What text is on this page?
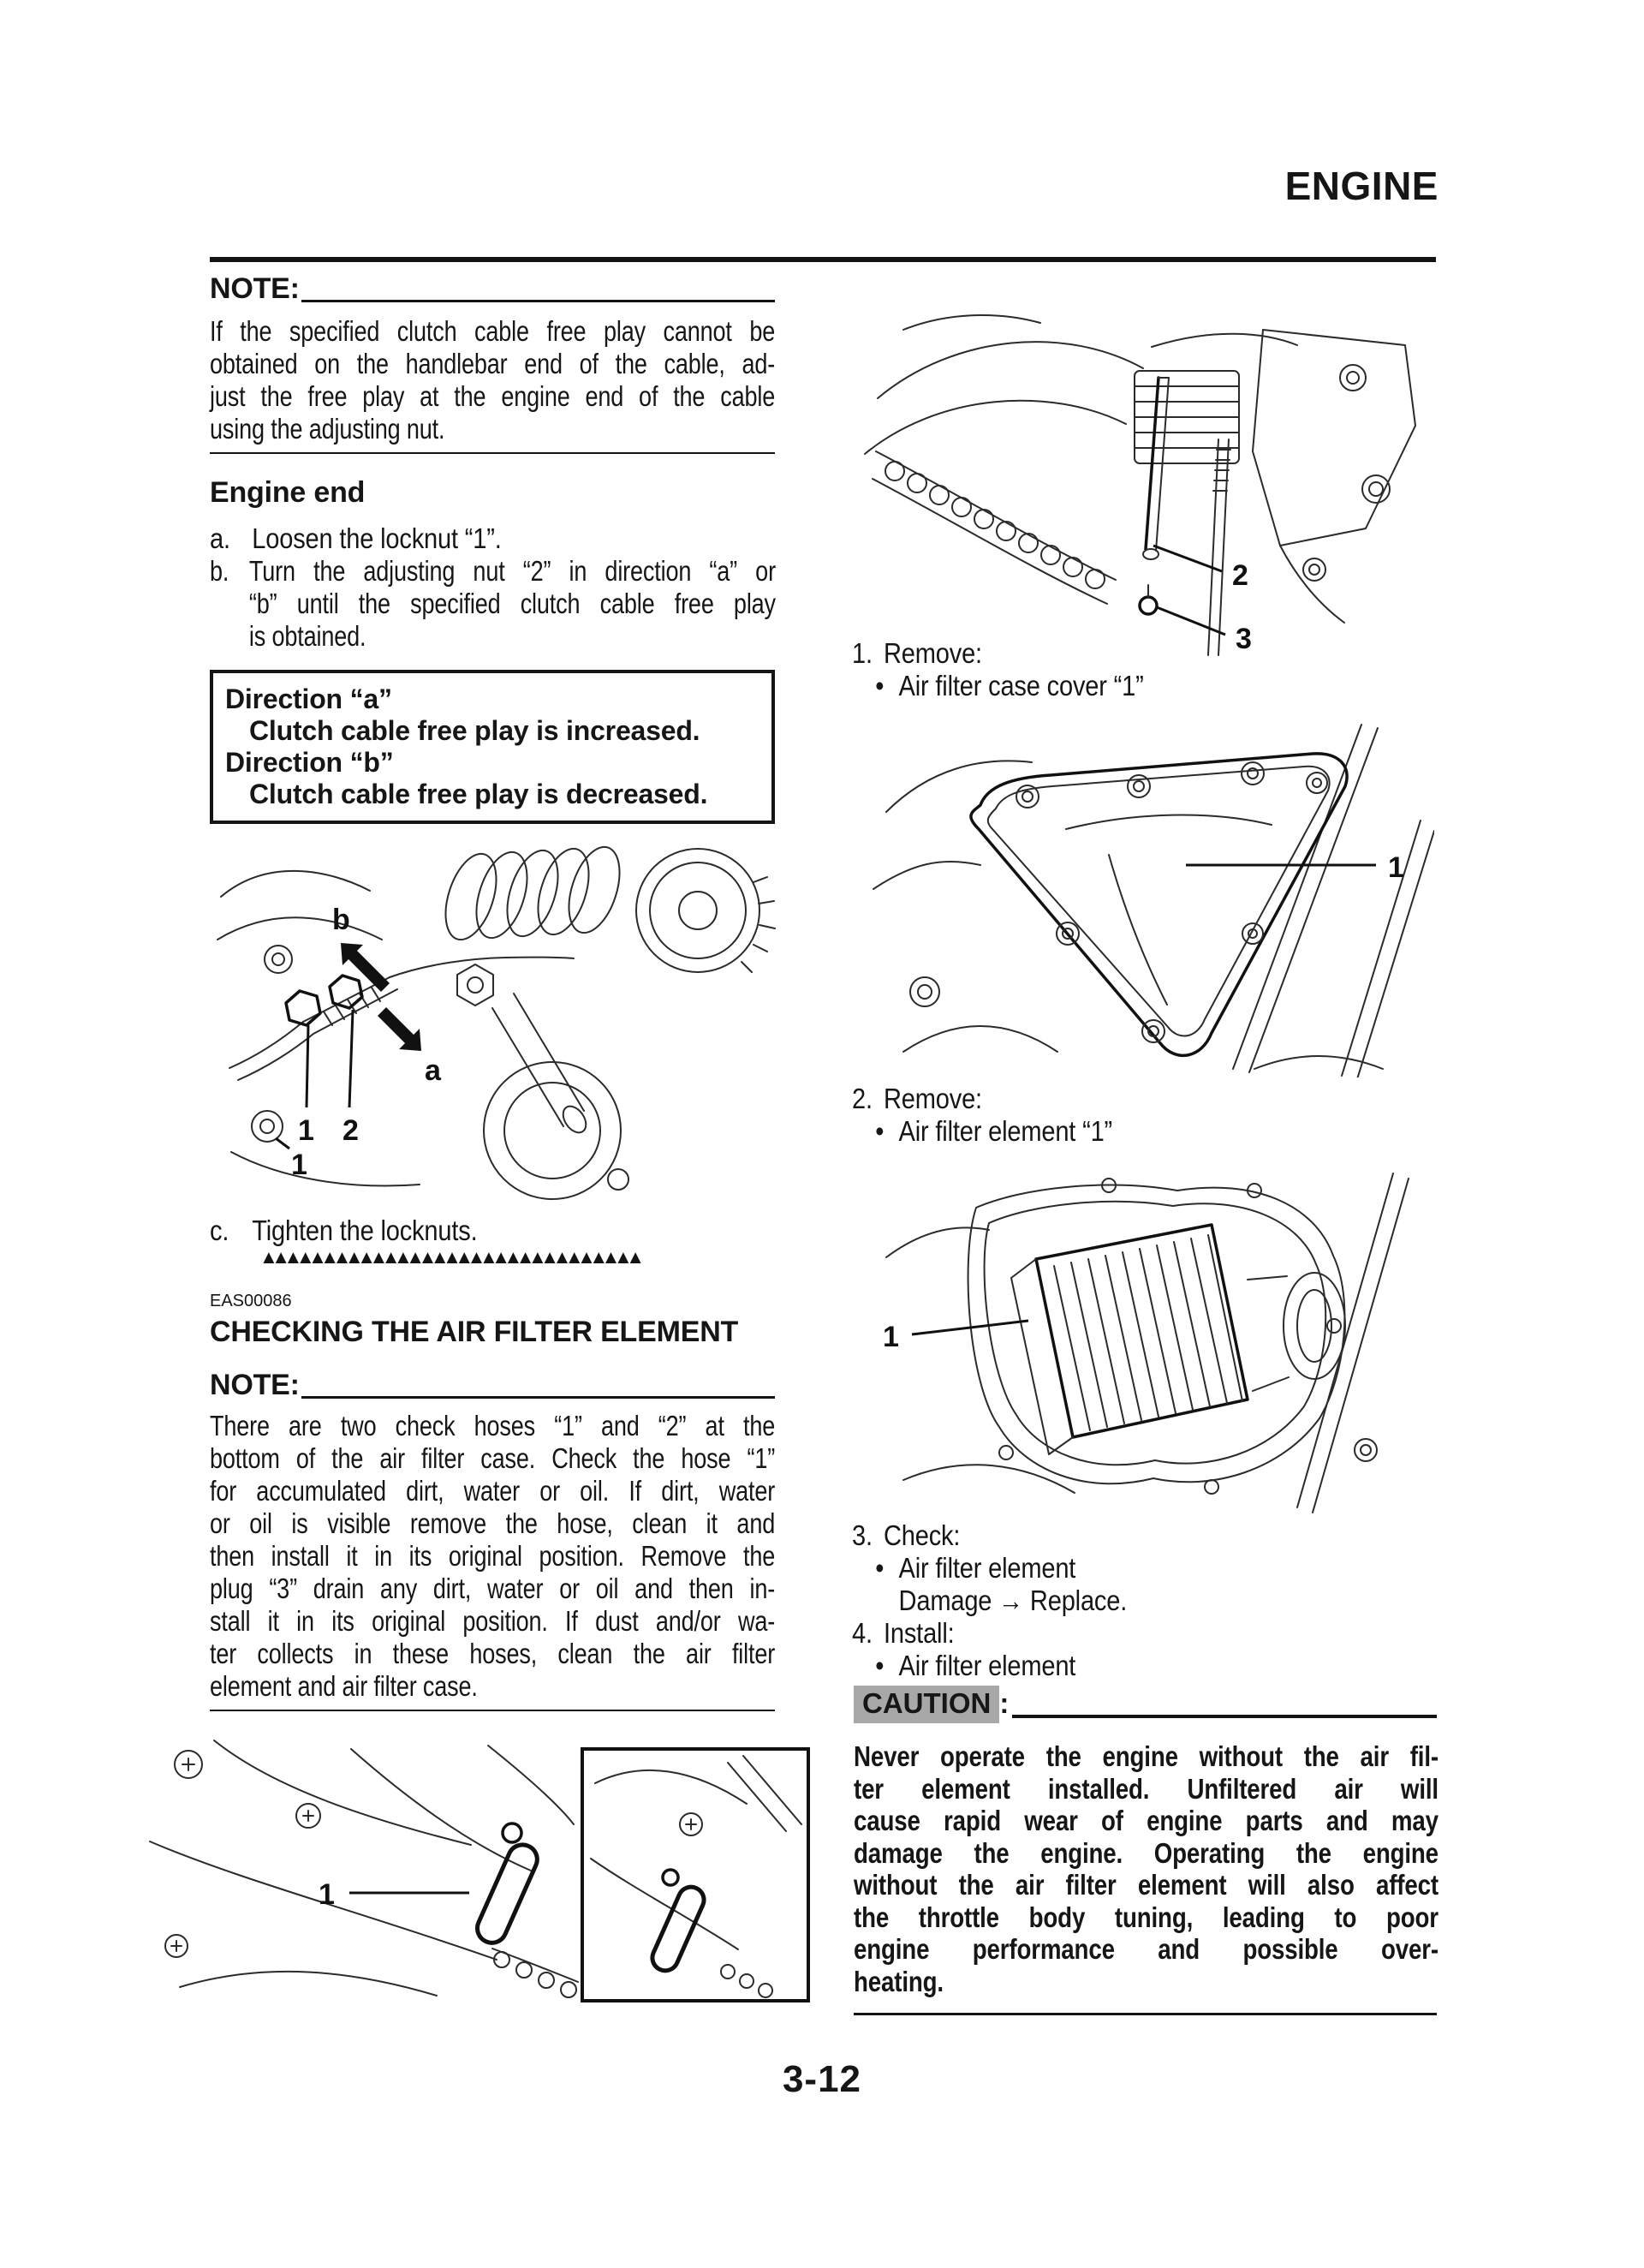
ENGINE
NOTE:
If the specified clutch cable free play cannot be
obtained on the handlebar end of the cable, ad-
just the free play at the engine end of the cable
using the adjusting nut.
Engine end
a. Loosen the locknut “1”.
b. Turn the adjusting nut “2” in direction “a” or
“b” until the specified clutch cable free play
is obtained.
Direction “a”
Clutch cable free play is increased.
Direction “b”
Clutch cable free play is decreased.
b
a
1 2
1
c. Tighten the locknuts.
▲▲▲▲▲▲▲▲▲▲▲▲▲▲▲▲▲▲▲▲▲▲▲▲▲▲▲▲▲▲▲
EAS00086
CHECKING THE AIR FILTER ELEMENT
NOTE:
There are two check hoses “1” and “2” at the
bottom of the air filter case. Check the hose “1”
for accumulated dirt, water or oil. If dirt, water
or oil is visible remove the hose, clean it and
then install it in its original position. Remove the
plug “3” drain any dirt, water or oil and then in-
stall it in its original position. If dust and/or wa-
ter collects in these hoses, clean the air filter
element and air filter case.
1
2
3
1. Remove:
• Air filter case cover “1”
1
2. Remove:
• Air filter element “1”
1
3. Check:
• Air filter element
Damage → Replace.
4. Install:
• Air filter element
CAUTION :
Never operate the engine without the air fil-
ter element installed. Unfiltered air will
cause rapid wear of engine parts and may
damage the engine. Operating the engine
without the air filter element will also affect
the throttle body tuning, leading to poor
engine performance and possible over-
heating.
3-12
